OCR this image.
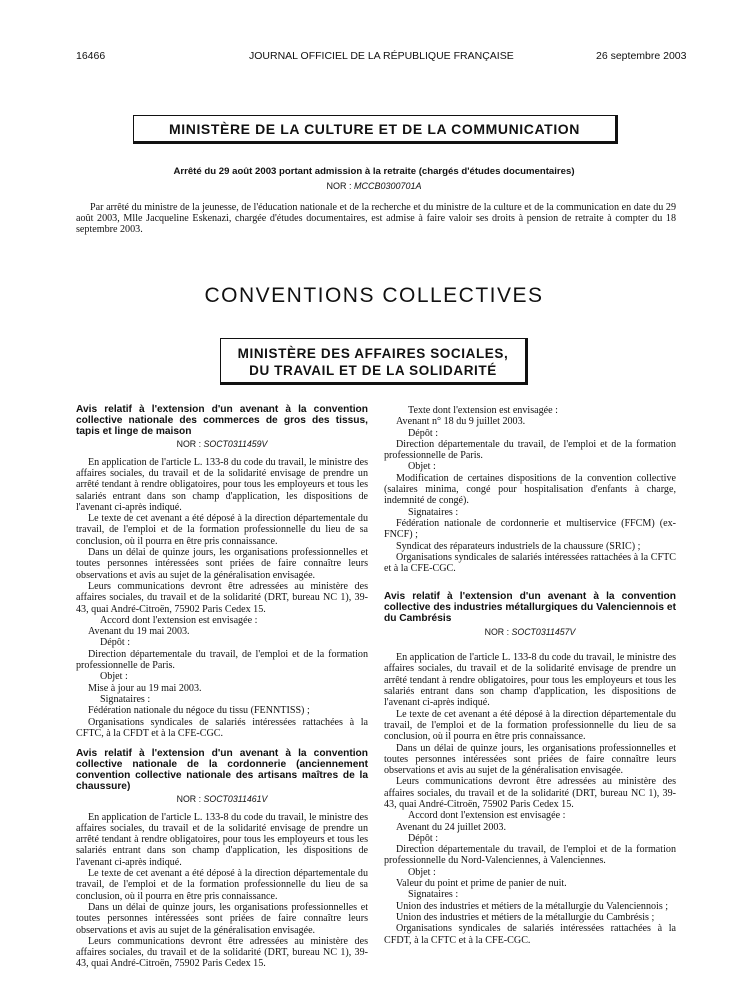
16466	JOURNAL OFFICIEL DE LA RÉPUBLIQUE FRANÇAISE	26 septembre 2003
MINISTÈRE DE LA CULTURE ET DE LA COMMUNICATION
Arrêté du 29 août 2003 portant admission à la retraite (chargés d'études documentaires)
NOR : MCCB0300701A
Par arrêté du ministre de la jeunesse, de l'éducation nationale et de la recherche et du ministre de la culture et de la communication en date du 29 août 2003, Mlle Jacqueline Eskenazi, chargée d'études documentaires, est admise à faire valoir ses droits à pension de retraite à compter du 18 septembre 2003.
CONVENTIONS COLLECTIVES
MINISTÈRE DES AFFAIRES SOCIALES,
DU TRAVAIL ET DE LA SOLIDARITÉ

Avis relatif à l'extension d'un avenant à la convention collective nationale des commerces de gros des tissus, tapis et linge de maison

NOR : SOCT0311459V

En application de l'article L. 133-8 du code du travail, le ministre des affaires sociales, du travail et de la solidarité envisage de prendre un arrêté tendant à rendre obligatoires, pour tous les employeurs et tous les salariés entrant dans son champ d'application, les dispositions de l'avenant ci-après indiqué.

Le texte de cet avenant a été déposé à la direction départementale du travail, de l'emploi et de la formation professionnelle du lieu de sa conclusion, où il pourra en être pris connaissance.

Dans un délai de quinze jours, les organisations professionnelles et toutes personnes intéressées sont priées de faire connaître leurs observations et avis au sujet de la généralisation envisagée.

Leurs communications devront être adressées au ministère des affaires sociales, du travail et de la solidarité (DRT, bureau NC 1), 39-43, quai André-Citroën, 75902 Paris Cedex 15.

Accord dont l'extension est envisagée :

Avenant du 19 mai 2003.

Dépôt :

Direction départementale du travail, de l'emploi et de la formation professionnelle de Paris.

Objet :

Mise à jour au 19 mai 2003.

Signataires :

Fédération nationale du négoce du tissu (FENNTISS) ;

Organisations syndicales de salariés intéressées rattachées à la CFTC, à la CFDT et à la CFE-CGC.

Avis relatif à l'extension d'un avenant à la convention collective nationale de la cordonnerie (anciennement convention collective nationale des artisans maîtres de la chaussure)

NOR : SOCT0311461V

En application de l'article L. 133-8 du code du travail, le ministre des affaires sociales, du travail et de la solidarité envisage de prendre un arrêté tendant à rendre obligatoires, pour tous les employeurs et tous les salariés entrant dans son champ d'application, les dispositions de l'avenant ci-après indiqué.

Le texte de cet avenant a été déposé à la direction départementale du travail, de l'emploi et de la formation professionnelle du lieu de sa conclusion, où il pourra en être pris connaissance.

Dans un délai de quinze jours, les organisations professionnelles et toutes personnes intéressées sont priées de faire connaître leurs observations et avis au sujet de la généralisation envisagée.

Leurs communications devront être adressées au ministère des affaires sociales, du travail et de la solidarité (DRT, bureau NC 1), 39-43, quai André-Citroën, 75902 Paris Cedex 15.

Texte dont l'extension est envisagée :

Avenant n° 18 du 9 juillet 2003.

Dépôt :

Direction départementale du travail, de l'emploi et de la formation professionnelle de Paris.

Objet :

Modification de certaines dispositions de la convention collective (salaires minima, congé pour hospitalisation d'enfants à charge, indemnité de congé).

Signataires :

Fédération nationale de cordonnerie et multiservice (FFCM) (ex-FNCF) ;

Syndicat des réparateurs industriels de la chaussure (SRIC) ;

Organisations syndicales de salariés intéressées rattachées à la CFTC et à la CFE-CGC.

Avis relatif à l'extension d'un avenant à la convention collective des industries métallurgiques du Valenciennois et du Cambrésis

NOR : SOCT0311457V

En application de l'article L. 133-8 du code du travail, le ministre des affaires sociales, du travail et de la solidarité envisage de prendre un arrêté tendant à rendre obligatoires, pour tous les employeurs et tous les salariés entrant dans son champ d'application, les dispositions de l'avenant ci-après indiqué.

Le texte de cet avenant a été déposé à la direction départementale du travail, de l'emploi et de la formation professionnelle du lieu de sa conclusion, où il pourra en être pris connaissance.

Dans un délai de quinze jours, les organisations professionnelles et toutes personnes intéressées sont priées de faire connaître leurs observations et avis au sujet de la généralisation envisagée.

Leurs communications devront être adressées au ministère des affaires sociales, du travail et de la solidarité (DRT, bureau NC 1), 39-43, quai André-Citroën, 75902 Paris Cedex 15.

Accord dont l'extension est envisagée :

Avenant du 24 juillet 2003.

Dépôt :

Direction départementale du travail, de l'emploi et de la formation professionnelle du Nord-Valenciennes, à Valenciennes.

Objet :

Valeur du point et prime de panier de nuit.

Signataires :

Union des industries et métiers de la métallurgie du Valenciennois ;

Union des industries et métiers de la métallurgie du Cambrésis ;

Organisations syndicales de salariés intéressées rattachées à la CFDT, à la CFTC et à la CFE-CGC.
